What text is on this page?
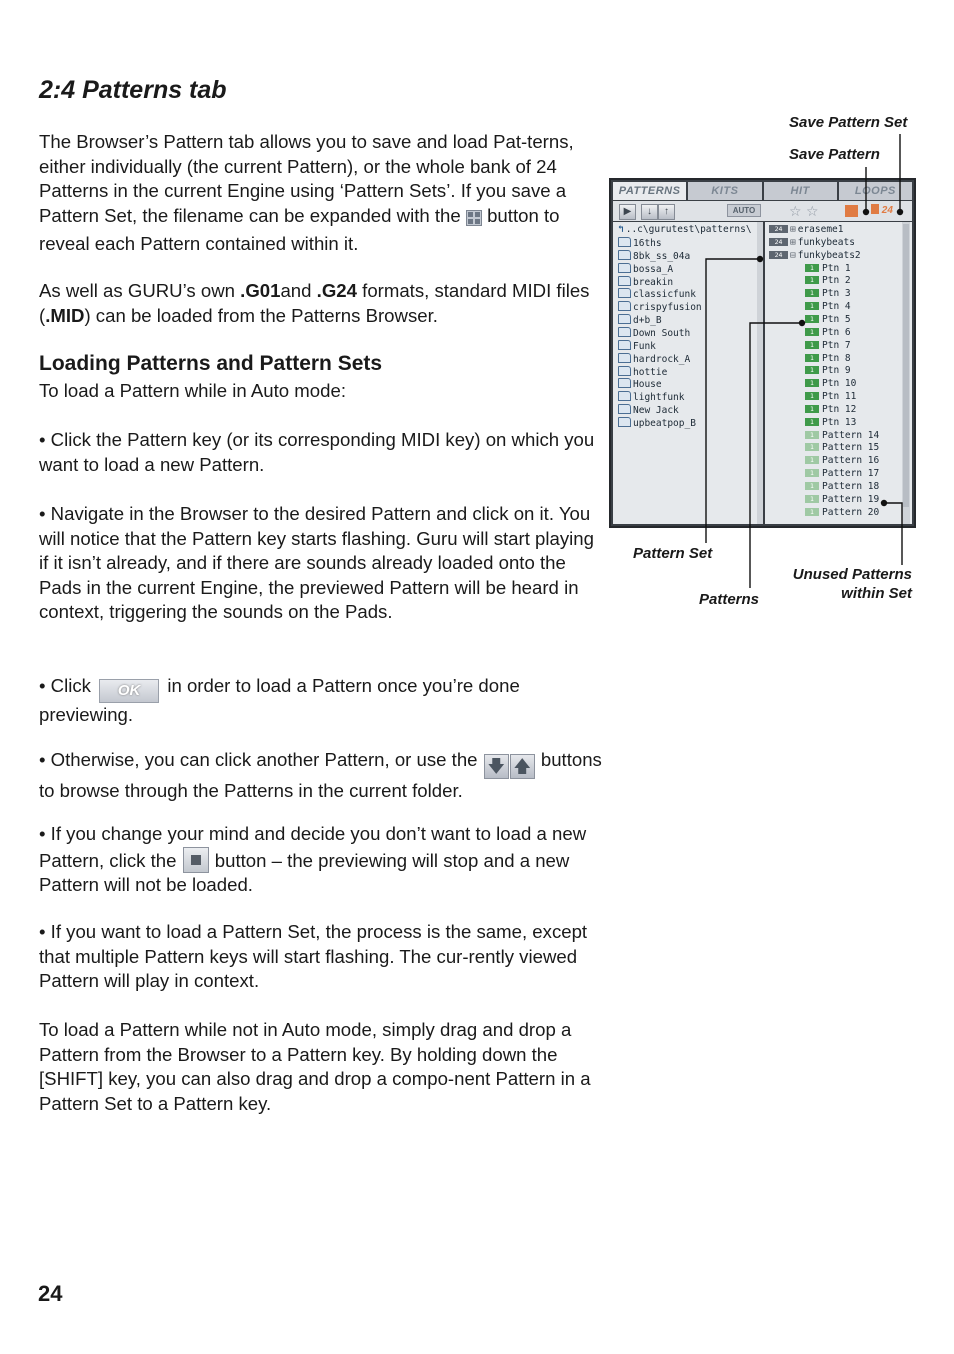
2:4 Patterns tab

The Browser’s Pattern tab allows you to save and load Pat-terns, either individually (the current Pattern), or the whole bank of 24 Patterns in the current Engine using ‘Pattern Sets’. If you save a Pattern Set, the filename can be expanded with the button to reveal each Pattern contained within it.

As well as GURU’s own .G01and .G24 formats, standard MIDI files (.MID) can be loaded from the Patterns Browser.

Loading Patterns and Pattern Sets

To load a Pattern while in Auto mode:

• Click the Pattern key (or its corresponding MIDI key) on which you want to load a new Pattern.

• Navigate in the Browser to the desired Pattern and click on it. You will notice that the Pattern key starts flashing. Guru will start playing if it isn’t already, and if there are sounds already loaded onto the Pads in the current Engine, the previewed Pattern will be heard in context, triggering the sounds on the Pads.

• Click OK in order to load a Pattern once you’re done previewing.

• Otherwise, you can click another Pattern, or use the 🡇 🡅 buttons to browse through the Patterns in the current folder.

• If you change your mind and decide you don’t want to load a new Pattern, click the button – the previewing will stop and a new Pattern will not be loaded.

• If you want to load a Pattern Set, the process is the same, except that multiple Pattern keys will start flashing. The cur-rently viewed Pattern will play in context.

To load a Pattern while not in Auto mode, simply drag and drop a Pattern from the Browser to a Pattern key. By holding down the [SHIFT] key, you can also drag and drop a compo-nent Pattern in a Pattern Set to a Pattern key.

24
PATTERNS	KITS	HIT	LOOPS
▶	↓	↑	AUTO	☆ ☆	24
↰ ..c\gurutest\patterns\
16ths
8bk_ss_04a
bossa_A
breakin
classicfunk
crispyfusion
d+b_B
Down South
Funk
hardrock_A
hottie
House
lightfunk
New Jack
upbeatpop_B
24 ⊞ eraseme1
24 ⊞ funkybeats
24 ⊟ funkybeats2
1 Ptn 1
1 Ptn 2
1 Ptn 3
1 Ptn 4
1 Ptn 5
1 Ptn 6
1 Ptn 7
1 Ptn 8
1 Ptn 9
1 Ptn 10
1 Ptn 11
1 Ptn 12
1 Ptn 13
1 Pattern 14
1 Pattern 15
1 Pattern 16
1 Pattern 17
1 Pattern 18
1 Pattern 19
1 Pattern 20
Save Pattern Set
Save Pattern
Pattern Set
Patterns
Unused Patterns
within Set
